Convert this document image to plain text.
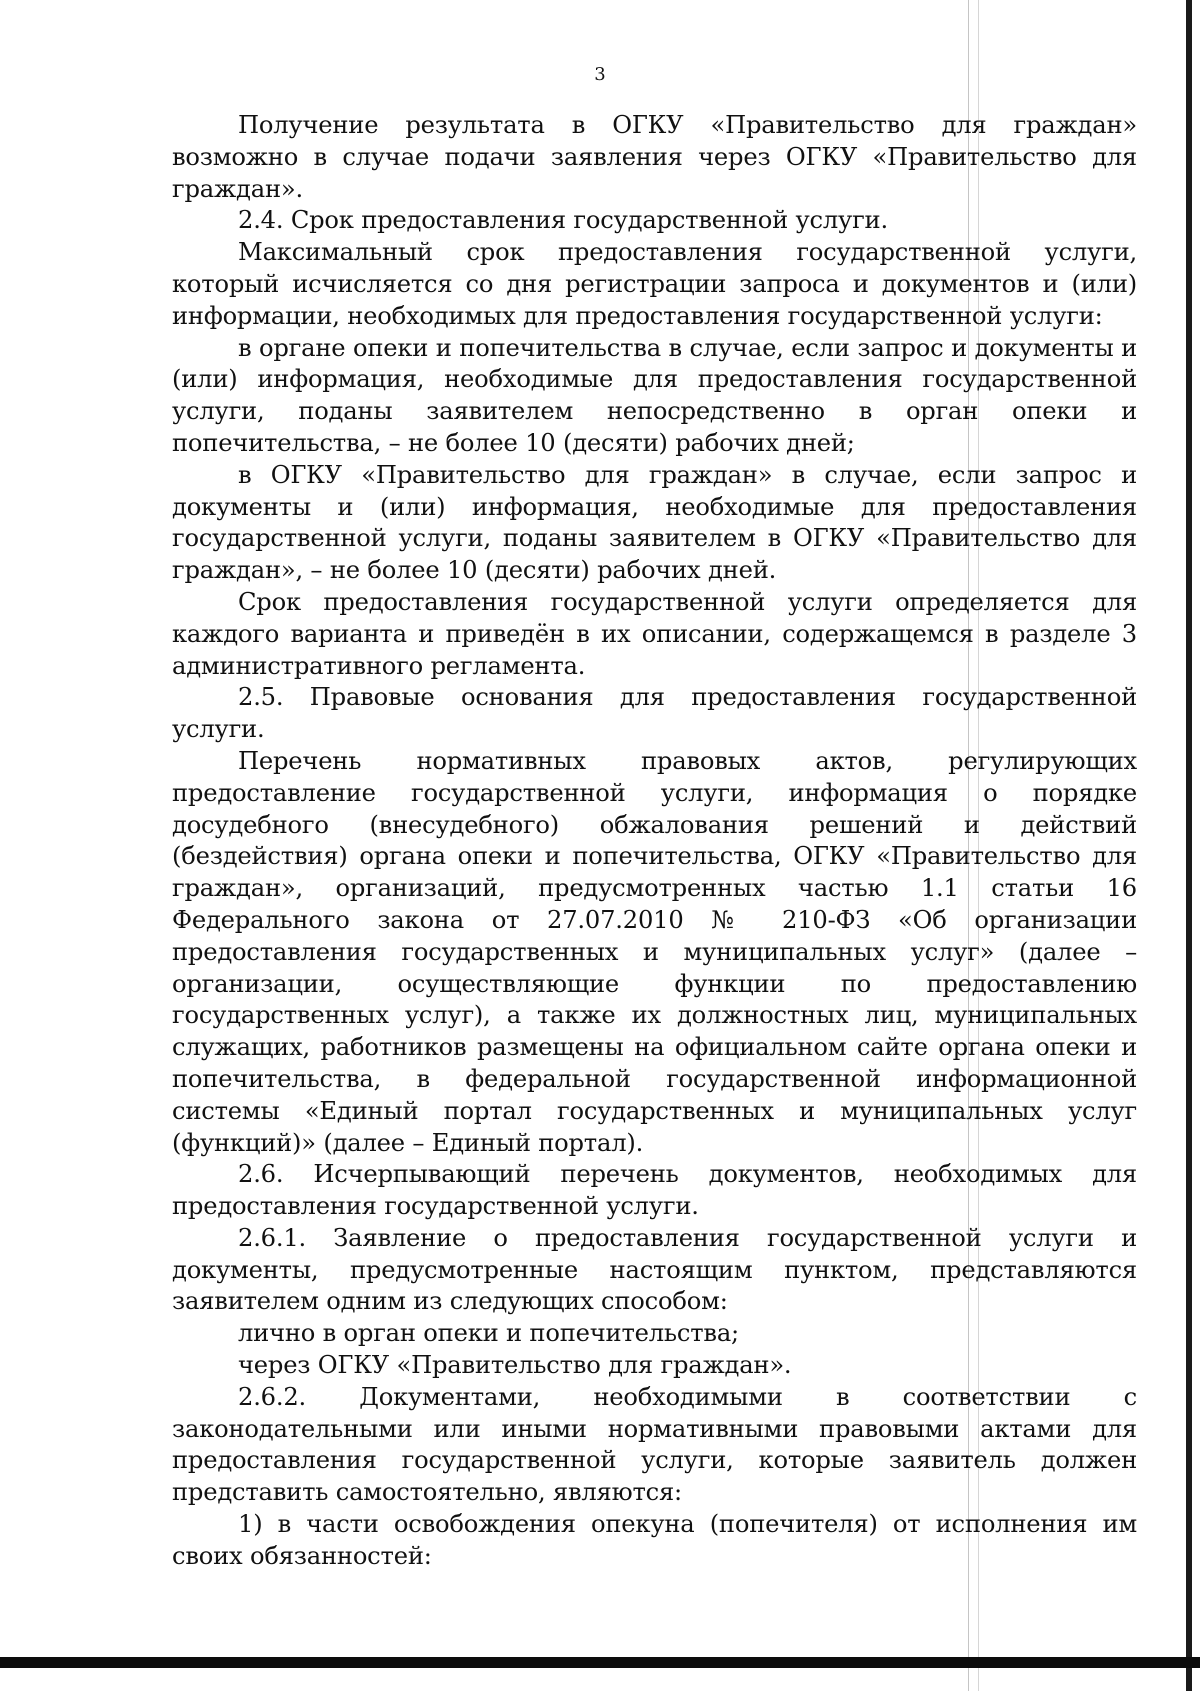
3

Получение результата в ОГКУ «Правительство для граждан» возможно в случае подачи заявления через ОГКУ «Правительство для граждан».

2.4. Срок предоставления государственной услуги.

Максимальный срок предоставления государственной услуги, который исчисляется со дня регистрации запроса и документов и (или) информации, необходимых для предоставления государственной услуги:

в органе опеки и попечительства в случае, если запрос и документы и (или) информация, необходимые для предоставления государственной услуги, поданы заявителем непосредственно в орган опеки и попечительства, – не более 10 (десяти) рабочих дней;

в ОГКУ «Правительство для граждан» в случае, если запрос и документы и (или) информация, необходимые для предоставления государственной услуги, поданы заявителем в ОГКУ «Правительство для граждан», – не более 10 (десяти) рабочих дней.

Срок предоставления государственной услуги определяется для каждого варианта и приведён в их описании, содержащемся в разделе 3 административного регламента.

2.5. Правовые основания для предоставления государственной услуги.

Перечень нормативных правовых актов, регулирующих предоставление государственной услуги, информация о порядке досудебного (внесудебного) обжалования решений и действий (бездействия) органа опеки и попечительства, ОГКУ «Правительство для граждан», организаций, предусмотренных частью 1.1 статьи 16 Федерального закона от 27.07.2010 № 210-ФЗ «Об организации предоставления государственных и муниципальных услуг» (далее – организации, осуществляющие функции по предоставлению государственных услуг), а также их должностных лиц, муниципальных служащих, работников размещены на официальном сайте органа опеки и попечительства, в федеральной государственной информационной системы «Единый портал государственных и муниципальных услуг (функций)» (далее – Единый портал).

2.6. Исчерпывающий перечень документов, необходимых для предоставления государственной услуги.

2.6.1. Заявление о предоставления государственной услуги и документы, предусмотренные настоящим пунктом, представляются заявителем одним из следующих способом:

лично в орган опеки и попечительства;

через ОГКУ «Правительство для граждан».

2.6.2. Документами, необходимыми в соответствии с законодательными или иными нормативными правовыми актами для предоставления государственной услуги, которые заявитель должен представить самостоятельно, являются:

1) в части освобождения опекуна (попечителя) от исполнения им своих обязанностей:
